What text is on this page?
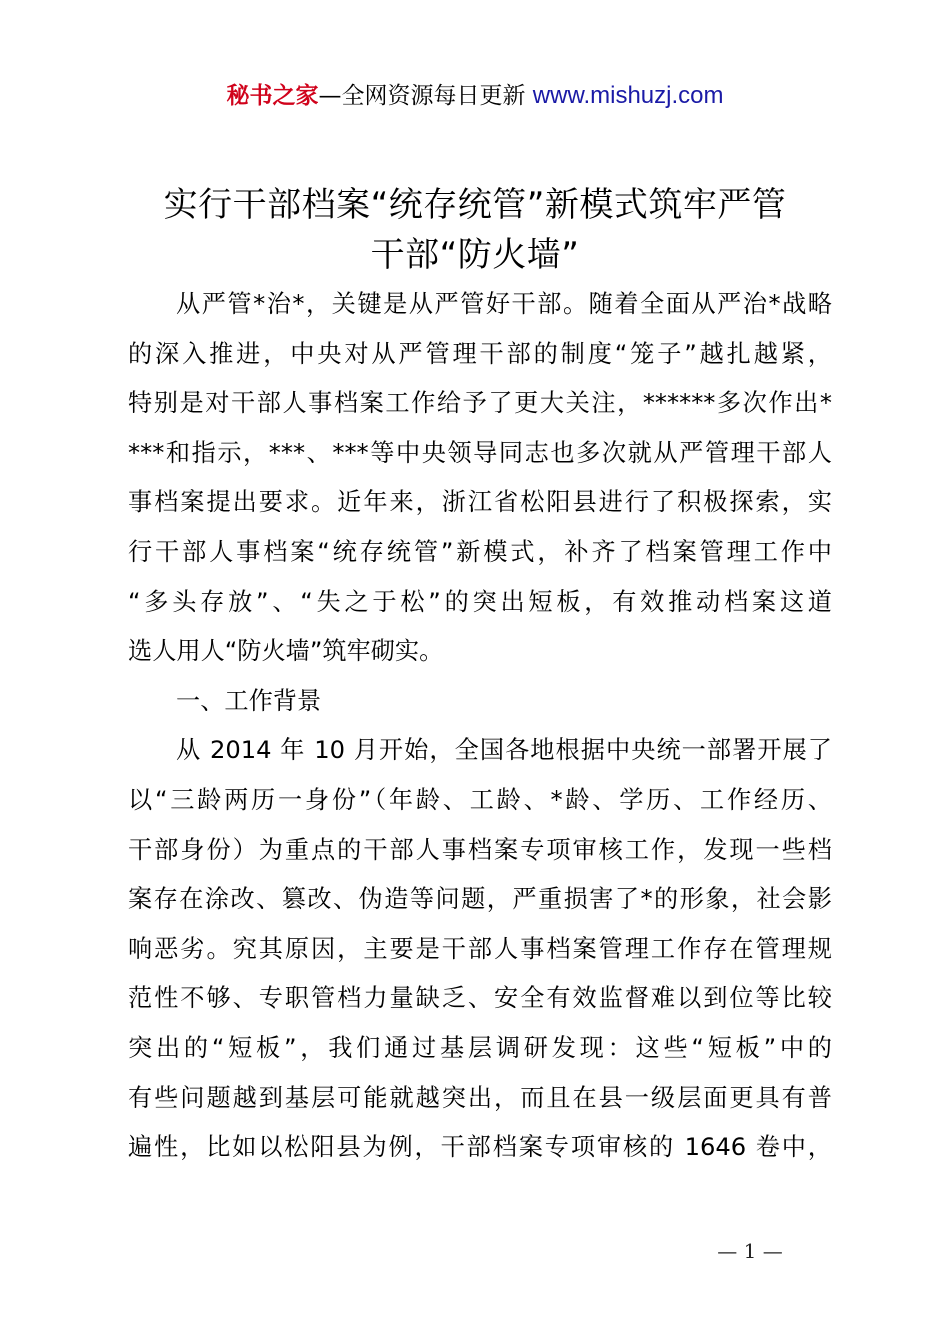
秘书之家—全网资源每日更新 www.mishuzj.com
实行干部档案“统存统管”新模式筑牢严管
干部“防火墙”
从严管*治*，关键是从严管好干部。随着全面从严治*战略
的深入推进，中央对从严管理干部的制度“笼子”越扎越紧，
特别是对干部人事档案工作给予了更大关注，******多次作出*
***和指示，***、***等中央领导同志也多次就从严管理干部人
事档案提出要求。近年来，浙江省松阳县进行了积极探索，实
行干部人事档案“统存统管”新模式，补齐了档案管理工作中
“多头存放”、“失之于松”的突出短板，有效推动档案这道
选人用人“防火墙”筑牢砌实。
一、工作背景
从 2014 年 10 月开始，全国各地根据中央统一部署开展了
以“三龄两历一身份”（年龄、工龄、*龄、学历、工作经历、
干部身份）为重点的干部人事档案专项审核工作，发现一些档
案存在涂改、篡改、伪造等问题，严重损害了*的形象，社会影
响恶劣。究其原因，主要是干部人事档案管理工作存在管理规
范性不够、专职管档力量缺乏、安全有效监督难以到位等比较
突出的“短板”，我们通过基层调研发现：这些“短板”中的
有些问题越到基层可能就越突出，而且在县一级层面更具有普
遍性，比如以松阳县为例，干部档案专项审核的 1646 卷中，
— 1 —
